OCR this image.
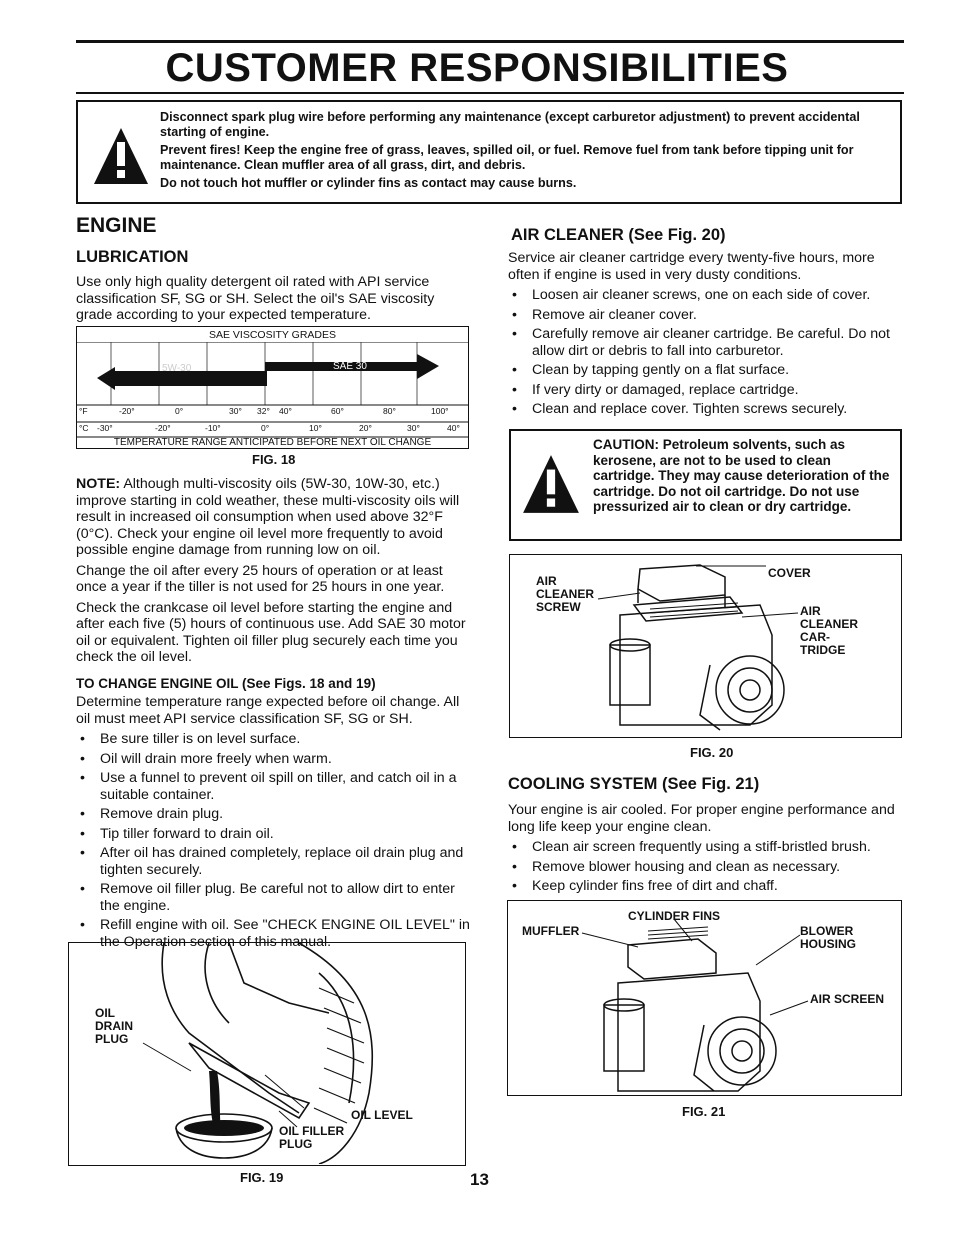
CUSTOMER RESPONSIBILITIES

Disconnect spark plug wire before performing any maintenance (except carburetor adjustment) to prevent accidental starting of engine.

Prevent fires! Keep the engine free of grass, leaves, spilled oil, or fuel. Remove fuel from tank before tipping unit for maintenance. Clean muffler area of all grass, dirt, and debris.

Do not touch hot muffler or cylinder fins as contact may cause burns.

ENGINE
LUBRICATION
Use only high quality detergent oil rated with API service classification SF, SG or SH. Select the oil's SAE viscosity grade according to your expected temperature.
SAE VISCOSITY GRADES
5W-30	SAE 30
°F	-20°	0°	30° 32° 40°	60°	80°	100°
°C -30°	-20°	-10°	0°	10°	20°	30°	40°
TEMPERATURE RANGE ANTICIPATED BEFORE NEXT OIL CHANGE
FIG. 18

NOTE: Although multi-viscosity oils (5W-30, 10W-30, etc.) improve starting in cold weather, these multi-viscosity oils will result in increased oil consumption when used above 32°F (0°C). Check your engine oil level more frequently to avoid possible engine damage from running low on oil.

Change the oil after every 25 hours of operation or at least once a year if the tiller is not used for 25 hours in one year.

Check the crankcase oil level before starting the engine and after each five (5) hours of continuous use. Add SAE 30 motor oil or equivalent. Tighten oil filler plug securely each time you check the oil level.

TO CHANGE ENGINE OIL (See Figs. 18 and 19)

Determine temperature range expected before oil change. All oil must meet API service classification SF, SG or SH.

• Be sure tiller is on level surface.
• Oil will drain more freely when warm.
• Use a funnel to prevent oil spill on tiller, and catch oil in a suitable container.
• Remove drain plug.
• Tip tiller forward to drain oil.
• After oil has drained completely, replace oil drain plug and tighten securely.
• Remove oil filler plug. Be careful not to allow dirt to enter the engine.
• Refill engine with oil. See "CHECK ENGINE OIL LEVEL" in the Operation section of this manual.
OIL DRAIN PLUG
OIL LEVEL
OIL FILLER PLUG
FIG. 19	13
AIR CLEANER (See Fig. 20)

Service air cleaner cartridge every twenty-five hours, more often if engine is used in very dusty conditions.

• Loosen air cleaner screws, one on each side of cover.
• Remove air cleaner cover.
• Carefully remove air cleaner cartridge. Be careful. Do not allow dirt or debris to fall into carburetor.
• Clean by tapping gently on a flat surface.
• If very dirty or damaged, replace cartridge.
• Clean and replace cover. Tighten screws securely.
CAUTION: Petroleum solvents, such as kerosene, are not to be used to clean cartridge. They may cause deterioration of the cartridge. Do not oil cartridge. Do not use pressurized air to clean or dry cartridge.
COVER
AIR CLEANER SCREW	AIR CLEANER CAR- TRIDGE
FIG. 20
COOLING SYSTEM (See Fig. 21)

Your engine is air cooled. For proper engine performance and long life keep your engine clean.

• Clean air screen frequently using a stiff-bristled brush.
• Remove blower housing and clean as necessary.
• Keep cylinder fins free of dirt and chaff.
CYLINDER FINS
MUFFLER	BLOWER HOUSING
AIR SCREEN
FIG. 21
